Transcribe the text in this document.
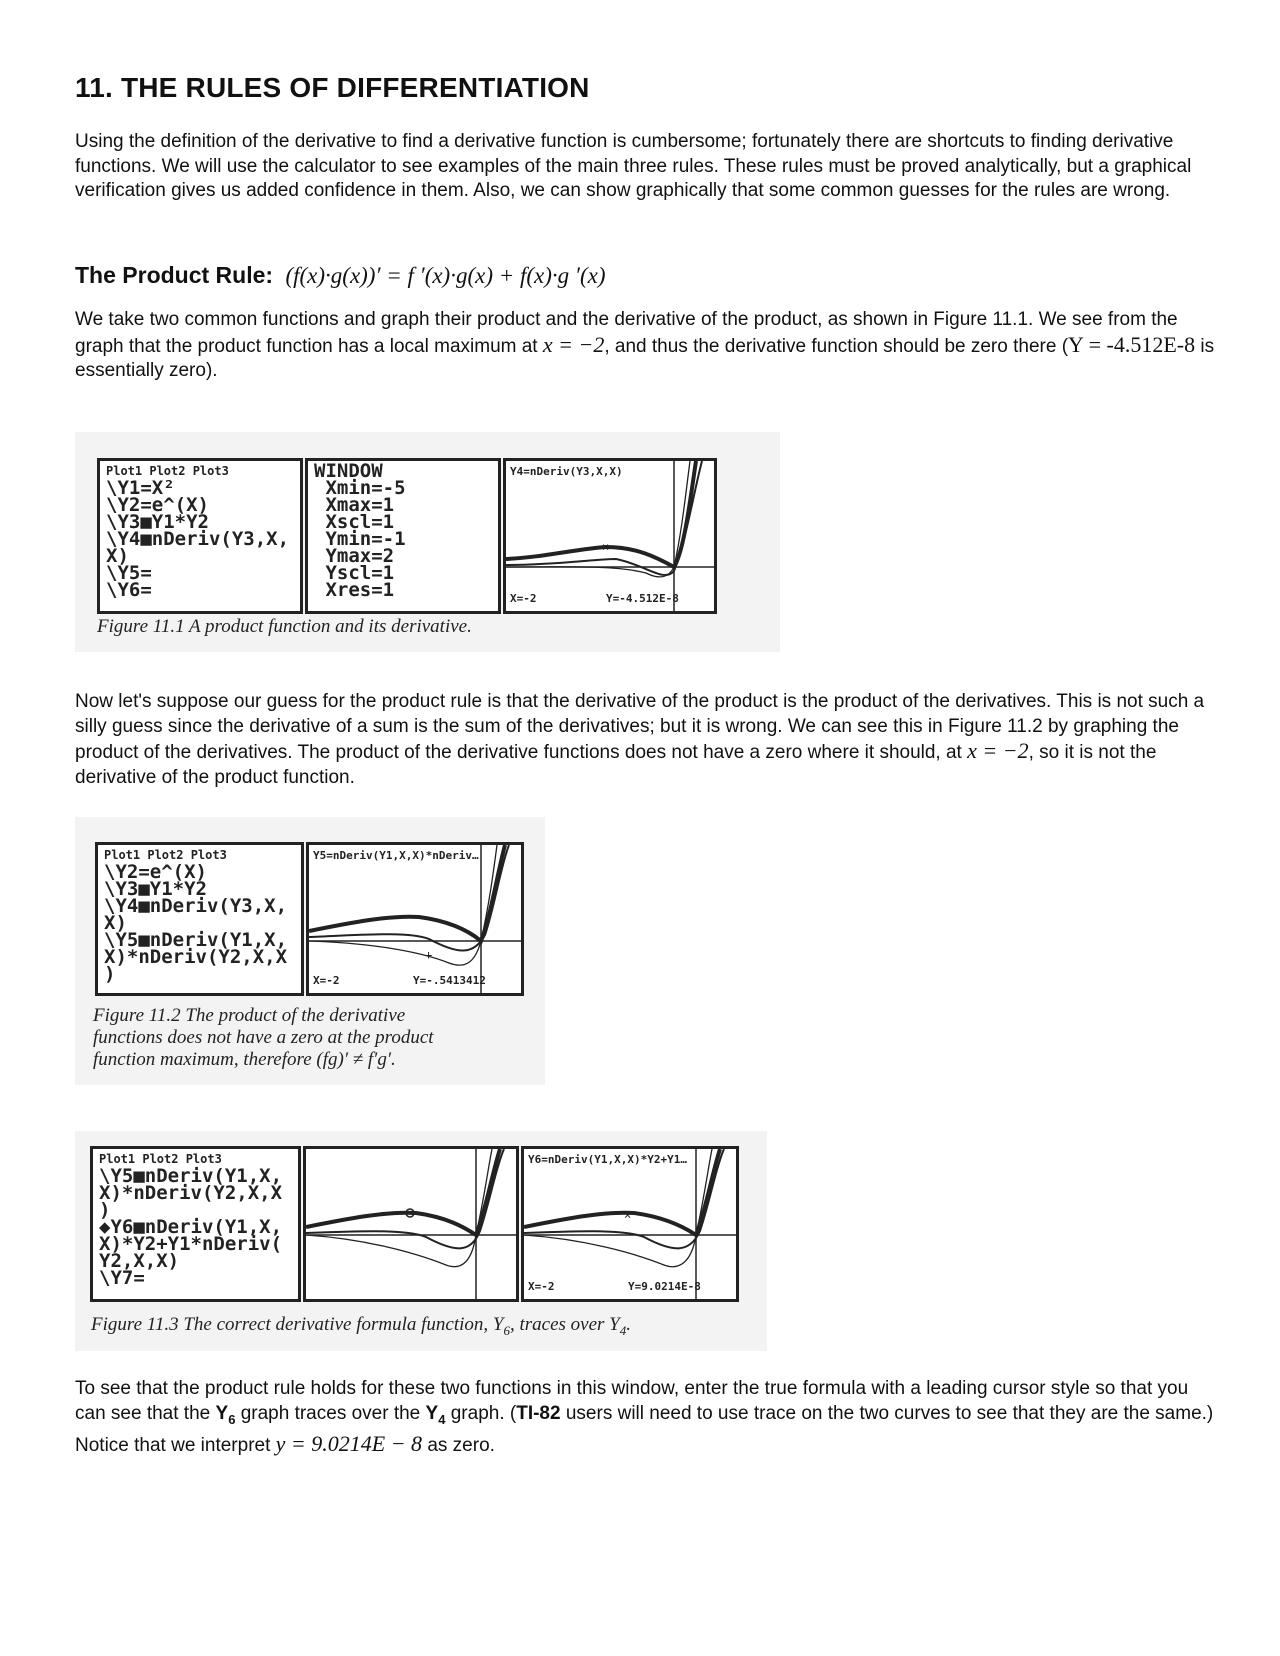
11. THE RULES OF DIFFERENTIATION

Using the definition of the derivative to find a derivative function is cumbersome; fortunately there are shortcuts to finding derivative functions. We will use the calculator to see examples of the main three rules. These rules must be proved analytically, but a graphical verification gives us added confidence in them. Also, we can show graphically that some common guesses for the rules are wrong.

The Product Rule: (f(x)·g(x))′ = f ′(x)·g(x) + f(x)·g ′(x)

We take two common functions and graph their product and the derivative of the product, as shown in Figure 11.1. We see from the graph that the product function has a local maximum at x = −2, and thus the derivative function should be zero there (Y = -4.512E-8 is essentially zero).

Plot1 Plot2 Plot3
\Y1=X²
\Y2=e^(X)
\Y3■Y1*Y2
\Y4■nDeriv(Y3,X,
X)
\Y5=
\Y6=
WINDOW
Xmin=-5
Xmax=1
Xscl=1
Ymin=-1
Ymax=2
Yscl=1
Xres=1
×
Y4=nDeriv(Y3,X,X)
X=-2	Y=-4.512E-8
Figure 11.1 A product function and its derivative.

Now let's suppose our guess for the product rule is that the derivative of the product is the product of the derivatives. This is not such a silly guess since the derivative of a sum is the sum of the derivatives; but it is wrong. We can see this in Figure 11.2 by graphing the product of the derivatives. The product of the derivative functions does not have a zero where it should, at x = −2, so it is not the derivative of the product function.

Plot1 Plot2 Plot3
\Y2=e^(X)
\Y3■Y1*Y2
\Y4■nDeriv(Y3,X,
X)
\Y5■nDeriv(Y1,X,
X)*nDeriv(Y2,X,X
)
+
Y5=nDeriv(Y1,X,X)*nDeriv…
X=-2	Y=-.5413412
Figure 11.2 The product of the derivative
functions does not have a zero at the product
function maximum, therefore (fg)′ ≠ f′g′.
Plot1 Plot2 Plot3
\Y5■nDeriv(Y1,X,
X)*nDeriv(Y2,X,X
)
◆Y6■nDeriv(Y1,X,
X)*Y2+Y1*nDeriv(
Y2,X,X)
\Y7=
×
Y6=nDeriv(Y1,X,X)*Y2+Y1…
X=-2	Y=9.0214E-8
Figure 11.3 The correct derivative formula function, $Y_6$, traces over $Y_4$.

To see that the product rule holds for these two functions in this window, enter the true formula with a leading cursor style so that you can see that the $Y_6$ graph traces over the $Y_4$ graph. (TI-82 users will need to use trace on the two curves to see that they are the same.) Notice that we interpret y = 9.0214E − 8 as zero.
